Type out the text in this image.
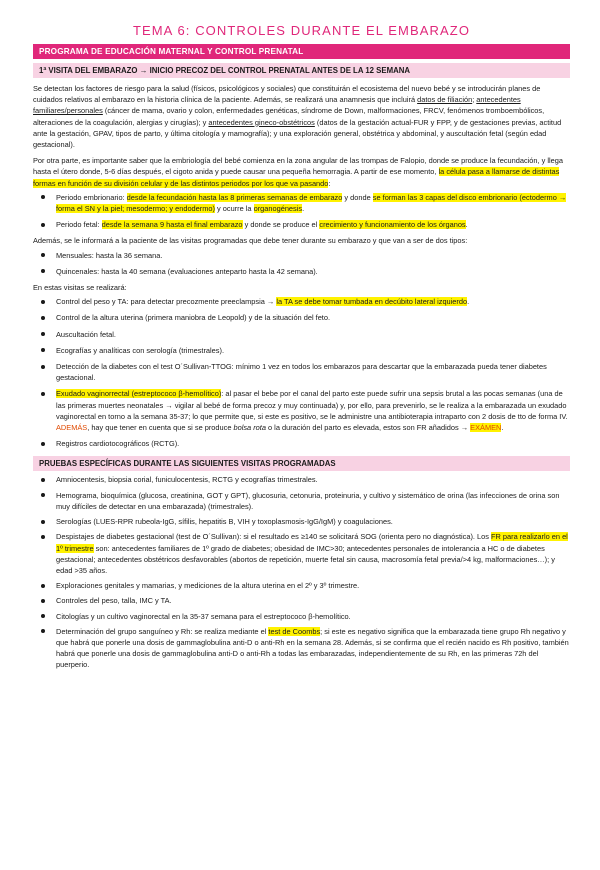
TEMA 6: CONTROLES DURANTE EL EMBARAZO
PROGRAMA DE EDUCACIÓN MATERNAL Y CONTROL PRENATAL
1ª VISITA DEL EMBARAZO → INICIO PRECOZ DEL CONTROL PRENATAL ANTES DE LA 12 SEMANA

Se detectan los factores de riesgo para la salud (físicos, psicológicos y sociales) que constituirán el ecosistema del nuevo bebé y se introducirán planes de cuidados relativos al embarazo en la historia clínica de la paciente. Además, se realizará una anamnesis que incluirá datos de filiación; antecedentes familiares/personales (cáncer de mama, ovario y colon, enfermedades genéticas, síndrome de Down, malformaciones, FRCV, fenómenos tromboembólicos, alteraciones de la coagulación, alergias y cirugías); y antecedentes gineco-obstétricos (datos de la gestación actual-FUR y FPP, y de gestaciones previas, actitud ante la gestación, GPAV, tipos de parto, y última citología y mamografía); y una exploración general, obstétrica y abdominal, y auscultación fetal (según edad gestacional).

Por otra parte, es importante saber que la embriología del bebé comienza en la zona angular de las trompas de Falopio, donde se produce la fecundación, y llega hasta el útero donde, 5-6 días después, el cigoto anida y puede causar una pequeña hemorragia. A partir de ese momento, la célula pasa a llamarse de distintas formas en función de su división celular y de las distintos periodos por los que va pasando:

Periodo embrionario: desde la fecundación hasta las 8 primeras semanas de embarazo y donde se forman las 3 capas del disco embrionario (ectodermo → forma el SN y la piel; mesodermo; y endodermo) y ocurre la organogénesis.
Periodo fetal: desde la semana 9 hasta el final embarazo y donde se produce el crecimiento y funcionamiento de los órganos.

Además, se le informará a la paciente de las visitas programadas que debe tener durante su embarazo y que van a ser de dos tipos:

Mensuales: hasta la 36 semana.
Quincenales: hasta la 40 semana (evaluaciones anteparto hasta la 42 semana).

En estas visitas se realizará:

Control del peso y TA: para detectar precozmente preeclampsia → la TA se debe tomar tumbada en decúbito lateral izquierdo.
Control de la altura uterina (primera maniobra de Leopold) y de la situación del feto.
Auscultación fetal.
Ecografías y analíticas con serología (trimestrales).
Detección de la diabetes con el test O´Sullivan-TTOG: mínimo 1 vez en todos los embarazos para descartar que la embarazada pueda tener diabetes gestacional.
Exudado vaginorrectal (estreptococo β-hemolítico): al pasar el bebe por el canal del parto este puede sufrir una sepsis brutal a las pocas semanas (una de las primeras muertes neonatales → vigilar al bebé de forma precoz y muy continuada) y, por ello, para prevenirlo, se le realiza a la embarazada un exudado vaginorectal en torno a la semana 35-37; lo que permite que, si este es positivo, se le administre una antibioterapia intraparto con 2 dosis de tto de forma IV. ADEMÁS, hay que tener en cuenta que si se produce bolsa rota o la duración del parto es elevada, estos son FR añadidos → EXÁMEN.
Registros cardiotocográficos (RCTG).
PRUEBAS ESPECÍFICAS DURANTE LAS SIGUIENTES VISITAS PROGRAMADAS
Amniocentesis, biopsia corial, funiculocentesis, RCTG y ecografías trimestrales.
Hemograma, bioquímica (glucosa, creatinina, GOT y GPT), glucosuria, cetonuria, proteinuria, y cultivo y sistemático de orina (las infecciones de orina son muy difíciles de detectar en una embarazada) (trimestrales).
Serologías (LUES-RPR rubeola-IgG, sífilis, hepatitis B, VIH y toxoplasmosis-IgG/IgM) y coagulaciones.
Despistajes de diabetes gestacional (test de O´Sullivan): si el resultado es ≥140 se solicitará SOG (orienta pero no diagnóstica). Los FR para realizarlo en el 1º trimestre son: antecedentes familiares de 1º grado de diabetes; obesidad de IMC>30; antecedentes personales de intolerancia a HC o de diabetes gestacional; antecedentes obstétricos desfavorables (abortos de repetición, muerte fetal sin causa, macrosomía fetal previa/>4 kg, malformaciones…); y edad >35 años.
Exploraciones genitales y mamarias, y mediciones de la altura uterina en el 2º y 3º trimestre.
Controles del peso, talla, IMC y TA.
Citologías y un cultivo vaginorectal en la 35-37 semana para el estreptococo β-hemolítico.
Determinación del grupo sanguíneo y Rh: se realiza mediante el test de Coombs; si este es negativo significa que la embarazada tiene grupo Rh negativo y que habrá que ponerle una dosis de gammaglobulina anti-D o anti-Rh en la semana 28. Además, si se confirma que el recién nacido es Rh positivo, también habrá que ponerle una dosis de gammaglobulina anti-D o anti-Rh a todas las embarazadas, independientemente de su Rh, en las primeras 72h del puerperio.
